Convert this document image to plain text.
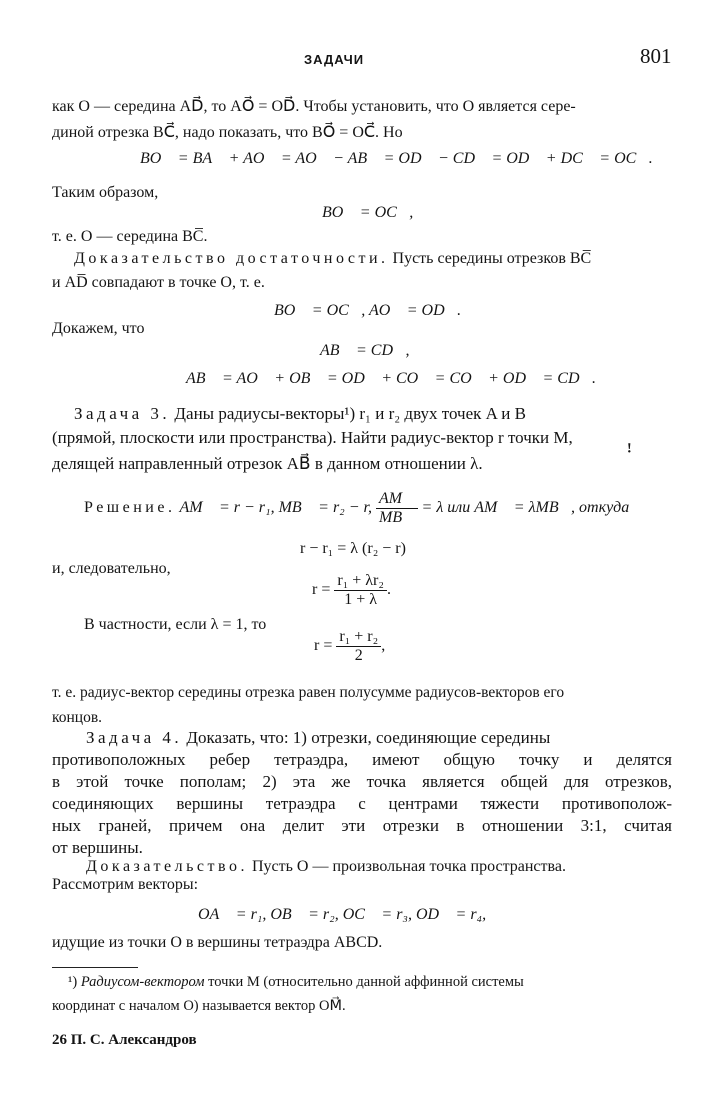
ЗАДАЧИ	801
как O — середина AD⃗, то AO⃗ = OD⃗. Чтобы установить, что O является сере-
диной отрезка BC⃗, надо показать, что BO⃗ = OC⃗. Но
BO⃗ = BA⃗ + AO⃗ = AO⃗ − AB⃗ = OD⃗ − CD⃗ = OD⃗ + DC⃗ = OC⃗.
Таким образом,
BO⃗ = OC⃗,
т. е. O — середина BC̅.
Доказательство достаточности. Пусть середины отрезков BC̅
и AD̅ совпадают в точке O, т. е.
BO⃗ = OC⃗, AO⃗ = OD⃗.
Докажем, что
AB⃗ = CD⃗,
AB⃗ = AO⃗ + OB⃗ = OD⃗ + CO⃗ = CO⃗ + OD⃗ = CD⃗.
Задача 3. Даны радиусы-векторы¹) r₁ и r₂ двух точек A и B
(прямой, плоскости или пространства). Найти радиус-вектор r точки M,
делящей направленный отрезок AB⃗ в данном отношении λ.	ꜝ
Решение. AM⃗ = r − r₁, MB⃗ = r₂ − r, $\frac{AM⃗}{MB⃗} = \lambda$ или AM⃗ = λMB⃗, откуда
r − r₁ = λ (r₂ − r)
и, следовательно,
$r = \frac{\text{r₁ + λr₂}}{1 + \lambda}$ .
В частности, если λ = 1, то
$r = \frac{\text{r₁ + r₂}}{2}$ ,
т. е. радиус-вектор середины отрезка равен полусумме радиусов-векторов его
концов.
Задача 4. Доказать, что: 1) отрезки, соединяющие середины
противоположных ребер тетраэдра, имеют общую точку и делятся
в этой точке пополам; 2) эта же точка является общей для отрезков,
соединяющих вершины тетраэдра с центрами тяжести противополож-
ных граней, причем она делит эти отрезки в отношении 3:1, считая
от вершины.
Доказательство. Пусть O — произвольная точка пространства.
Рассмотрим векторы:
OA⃗ = r₁, OB⃗ = r₂, OC⃗ = r₃, OD⃗ = r₄,
идущие из точки O в вершины тетраэдра ABCD.
¹) Радиусом-вектором точки M (относительно данной аффинной системы
координат с началом O) называется вектор OM⃗.
26 П. С. Александров
